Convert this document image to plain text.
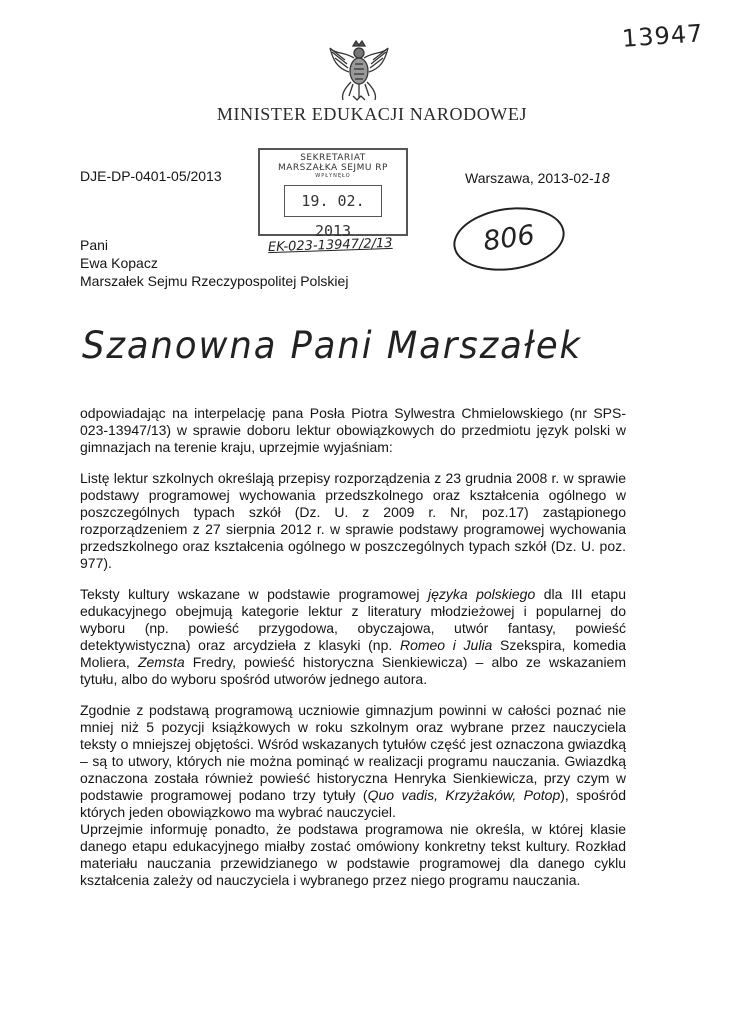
13947
MINISTER EDUKACJI NARODOWEJ
DJE-DP-0401-05/2013	Warszawa, 2013-02-18
SEKRETARIAT
MARSZAŁKA SEJMU RP
WPŁYNĘŁO
19. 02. 2013
EK-023-13947/2/13	806
Pani
Ewa Kopacz
Marszałek Sejmu Rzeczypospolitej Polskiej
Szanowna Pani Marszałek

odpowiadając na interpelację pana Posła Piotra Sylwestra Chmielowskiego (nr SPS-023-13947/13) w sprawie doboru lektur obowiązkowych do przedmiotu język polski w gimnazjach na terenie kraju, uprzejmie wyjaśniam:

Listę lektur szkolnych określają przepisy rozporządzenia z 23 grudnia 2008 r. w sprawie podstawy programowej wychowania przedszkolnego oraz kształcenia ogólnego w poszczególnych typach szkół (Dz. U. z 2009 r. Nr, poz.17) zastąpionego rozporządzeniem z 27 sierpnia 2012 r. w sprawie podstawy programowej wychowania przedszkolnego oraz kształcenia ogólnego w poszczególnych typach szkół (Dz. U. poz. 977).

Teksty kultury wskazane w podstawie programowej języka polskiego dla III etapu edukacyjnego obejmują kategorie lektur z literatury młodzieżowej i popularnej do wyboru (np. powieść przygodowa, obyczajowa, utwór fantasy, powieść detektywistyczna) oraz arcydzieła z klasyki (np. Romeo i Julia Szekspira, komedia Moliera, Zemsta Fredry, powieść historyczna Sienkiewicza) – albo ze wskazaniem tytułu, albo do wyboru spośród utworów jednego autora.

Zgodnie z podstawą programową uczniowie gimnazjum powinni w całości poznać nie mniej niż 5 pozycji książkowych w roku szkolnym oraz wybrane przez nauczyciela teksty o mniejszej objętości. Wśród wskazanych tytułów część jest oznaczona gwiazdką – są to utwory, których nie można pominąć w realizacji programu nauczania. Gwiazdką oznaczona została również powieść historyczna Henryka Sienkiewicza, przy czym w podstawie programowej podano trzy tytuły (Quo vadis, Krzyżaków, Potop), spośród których jeden obowiązkowo ma wybrać nauczyciel.

Uprzejmie informuję ponadto, że podstawa programowa nie określa, w której klasie danego etapu edukacyjnego miałby zostać omówiony konkretny tekst kultury. Rozkład materiału nauczania przewidzianego w podstawie programowej dla danego cyklu kształcenia zależy od nauczyciela i wybranego przez niego programu nauczania.
